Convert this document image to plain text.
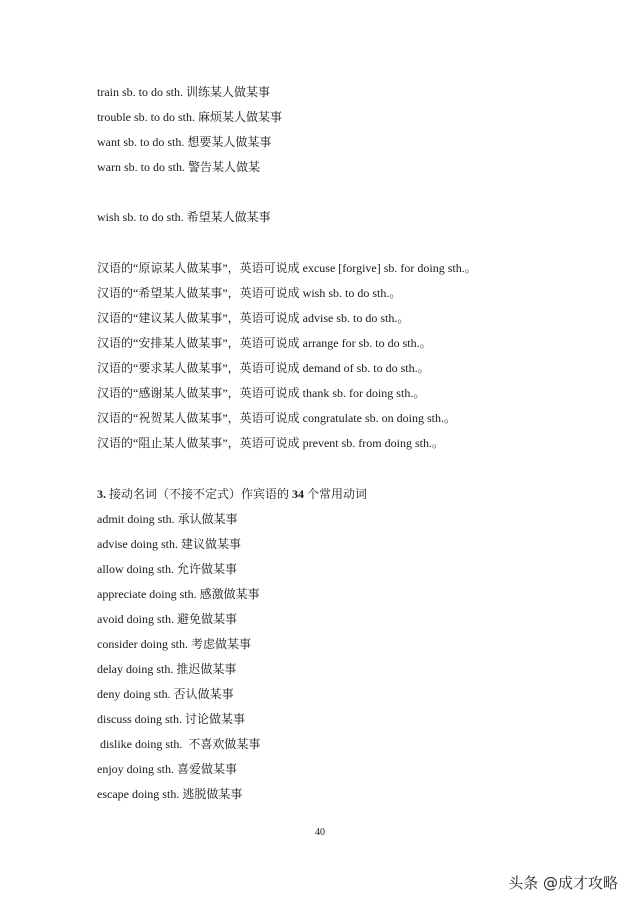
train sb. to do sth. 训练某人做某事
trouble sb. to do sth. 麻烦某人做某事
want sb. to do sth. 想要某人做某事
warn sb. to do sth. 警告某人做某
wish sb. to do sth. 希望某人做某事
汉语的“原谅某人做某事”，英语可说成 excuse [forgive] sb. for doing sth.。
汉语的“希望某人做某事”，英语可说成 wish sb. to do sth.。
汉语的“建议某人做某事”，英语可说成 advise sb. to do sth.。
汉语的“安排某人做某事”，英语可说成 arrange for sb. to do sth.。
汉语的“要求某人做某事”，英语可说成 demand of sb. to do sth.。
汉语的“感谢某人做某事”，英语可说成 thank sb. for doing sth.。
汉语的“祝贺某人做某事”，英语可说成 congratulate sb. on doing sth.。
汉语的“阻止某人做某事”，英语可说成 prevent sb. from doing sth.。
3. 接动名词（不接不定式）作宾语的 34 个常用动词
admit doing sth. 承认做某事
advise doing sth. 建议做某事
allow doing sth. 允许做某事
appreciate doing sth. 感激做某事
avoid doing sth. 避免做某事
consider doing sth. 考虑做某事
delay doing sth. 推迟做某事
deny doing sth. 否认做某事
discuss doing sth. 讨论做某事
dislike doing sth.  不喜欢做某事
enjoy doing sth. 喜爱做某事
escape doing sth. 逃脱做某事
40
头条 @成才攻略
